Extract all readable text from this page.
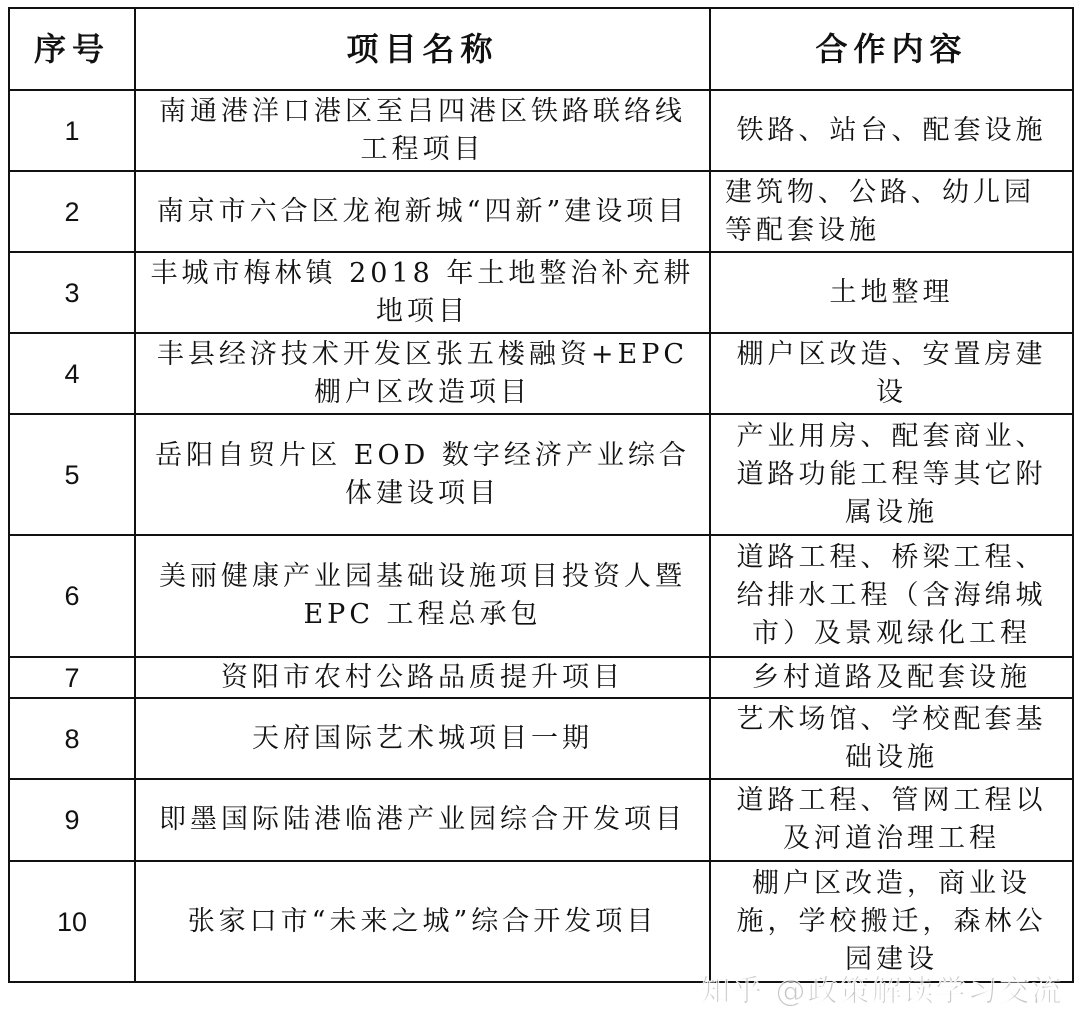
序号	项目名称	合作内容
1	南通港洋口港区至吕四港区铁路联络线工程项目	铁路、站台、配套设施
2	南京市六合区龙袍新城“四新”建设项目	建筑物、公路、幼儿园等配套设施
3	丰城市梅林镇 2018 年土地整治补充耕地项目	土地整理
4	丰县经济技术开发区张五楼融资+EPC 棚户区改造项目	棚户区改造、安置房建设
5	岳阳自贸片区 EOD 数字经济产业综合体建设项目	产业用房、配套商业、道路功能工程等其它附属设施
6	美丽健康产业园基础设施项目投资人暨EPC 工程总承包	道路工程、桥梁工程、给排水工程（含海绵城市）及景观绿化工程
7	资阳市农村公路品质提升项目	乡村道路及配套设施
8	天府国际艺术城项目一期	艺术场馆、学校配套基础设施
9	即墨国际陆港临港产业园综合开发项目	道路工程、管网工程以及河道治理工程
10	张家口市“未来之城”综合开发项目	棚户区改造，商业设施，学校搬迁，森林公园建设
知乎 @政策解读学习交流
